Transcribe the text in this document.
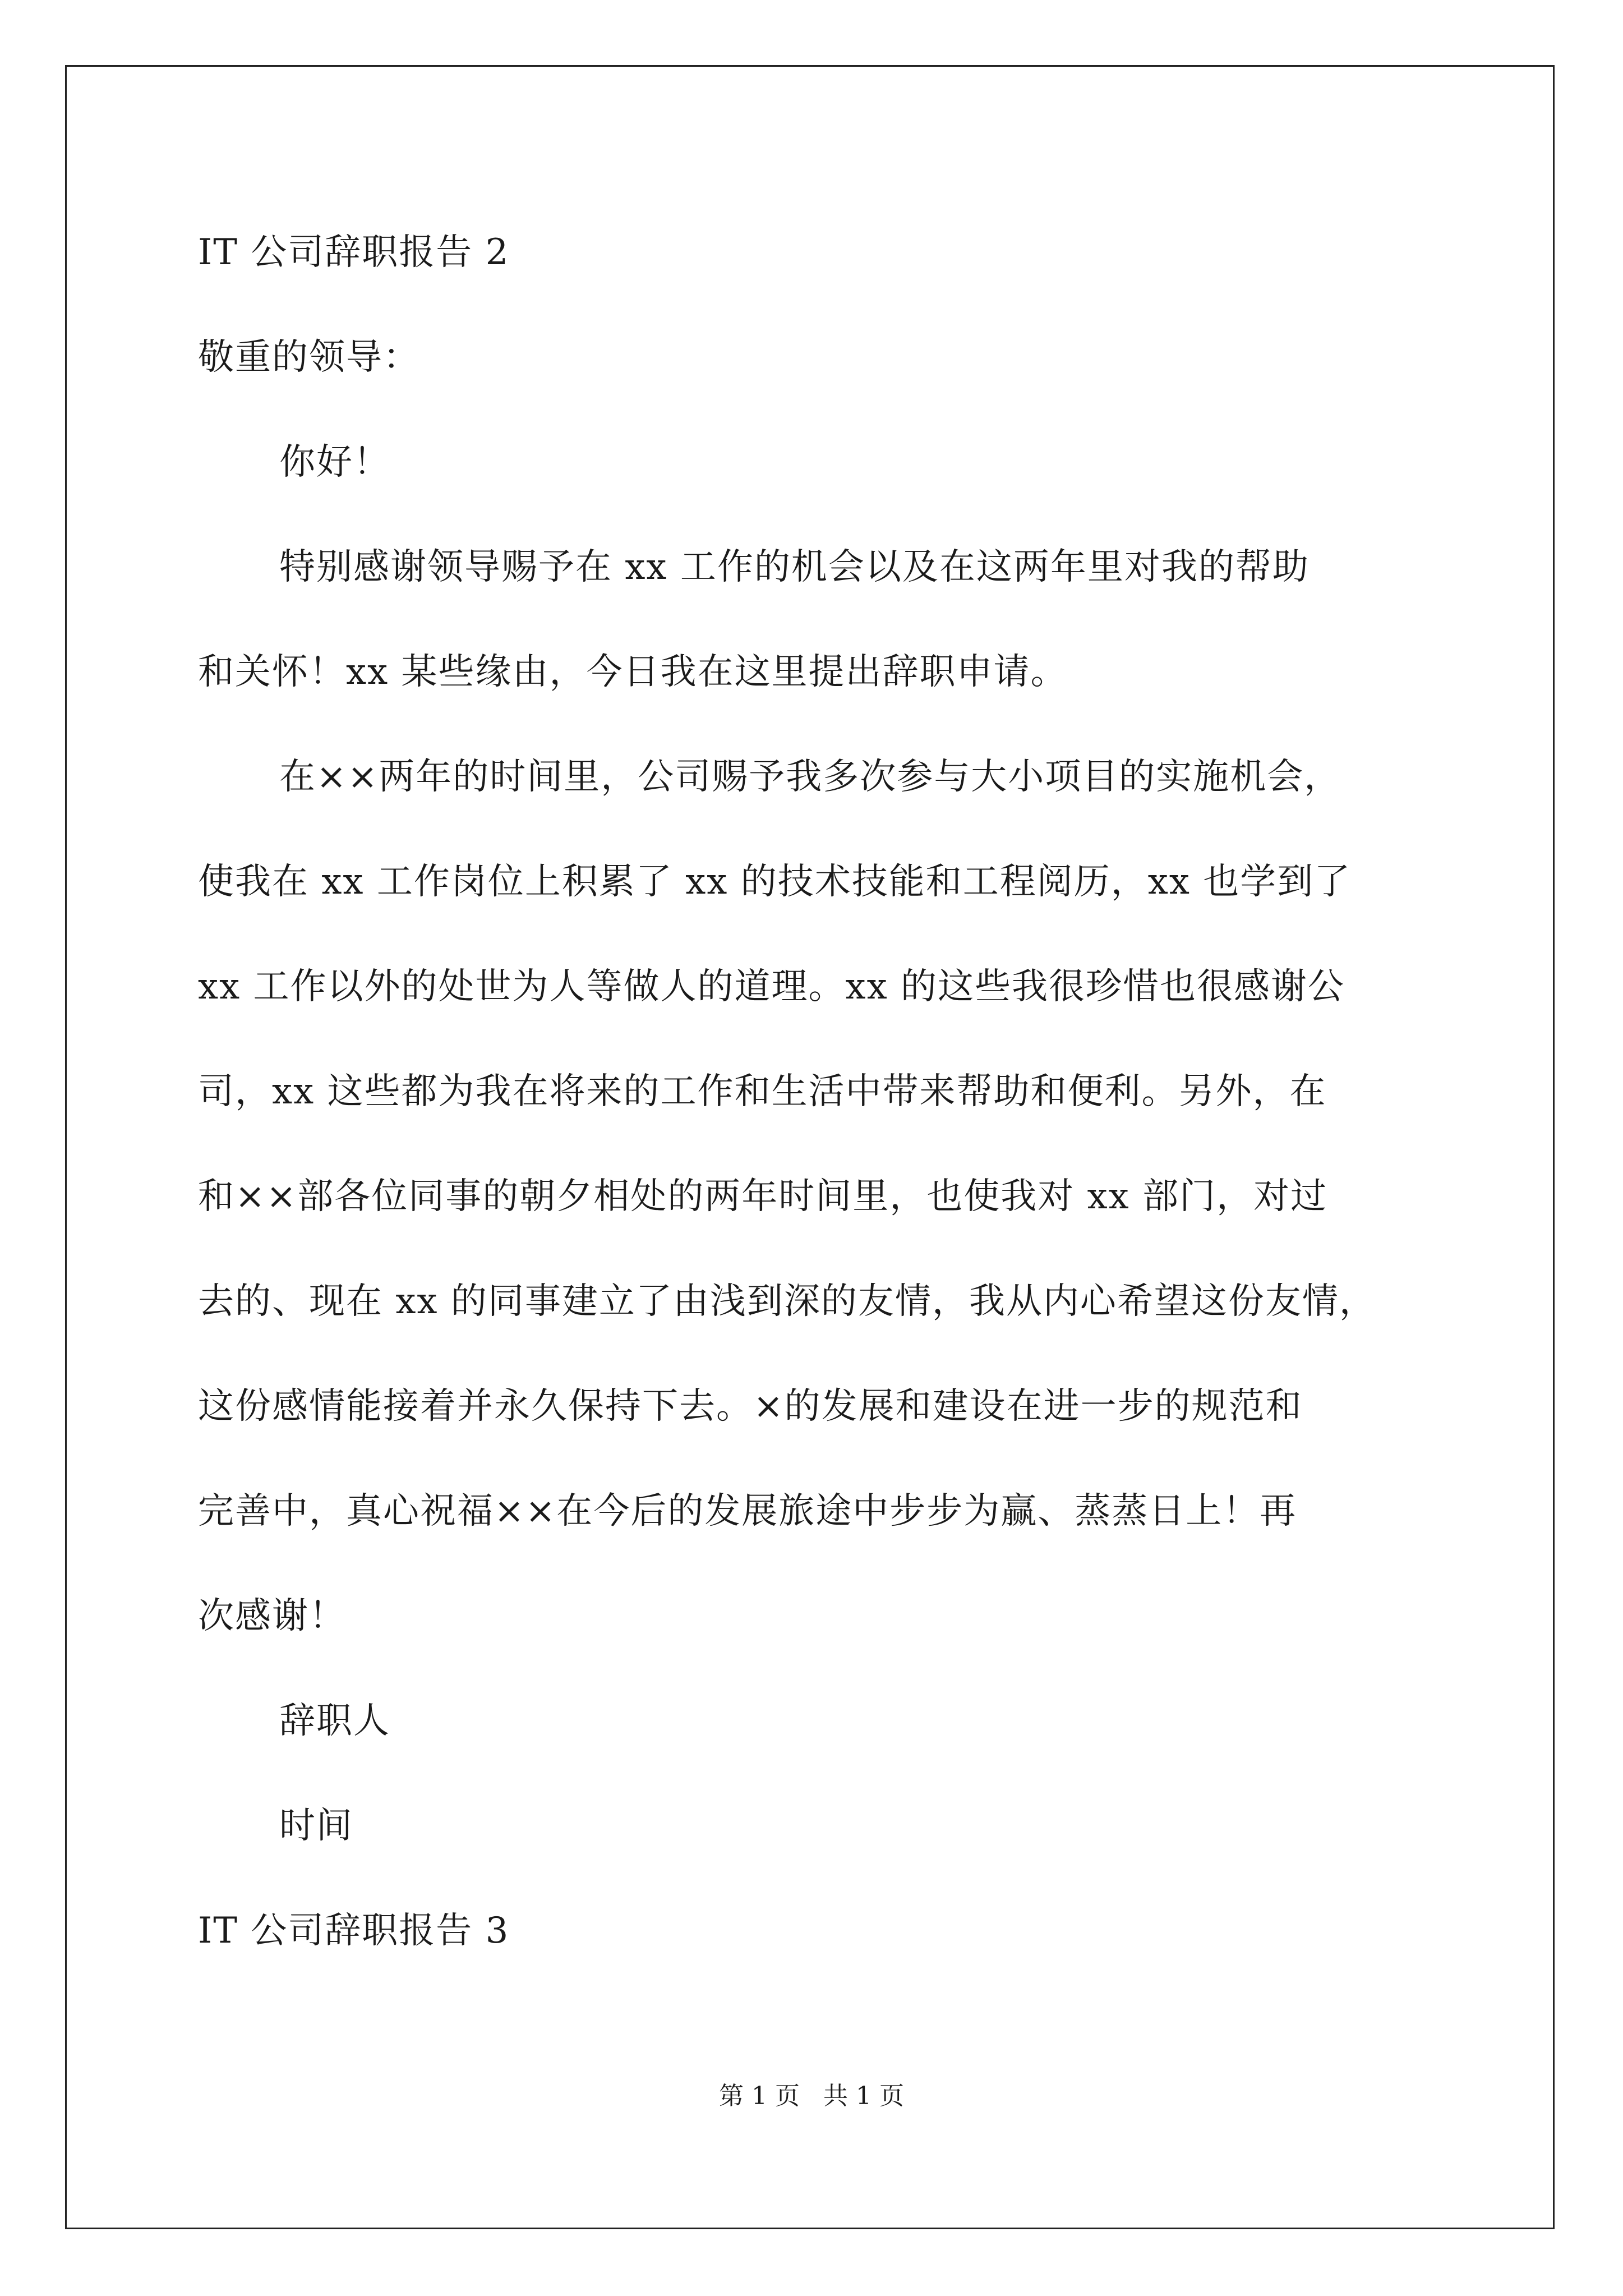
IT 公司辞职报告 2
敬重的领导：
你好！
特别感谢领导赐予在 xx 工作的机会以及在这两年里对我的帮助
和关怀！xx 某些缘由，今日我在这里提出辞职申请。
在××两年的时间里，公司赐予我多次参与大小项目的实施机会，
使我在 xx 工作岗位上积累了 xx 的技术技能和工程阅历，xx 也学到了
xx 工作以外的处世为人等做人的道理。xx 的这些我很珍惜也很感谢公
司，xx 这些都为我在将来的工作和生活中带来帮助和便利。另外，在
和××部各位同事的朝夕相处的两年时间里，也使我对 xx 部门，对过
去的、现在 xx 的同事建立了由浅到深的友情，我从内心希望这份友情，
这份感情能接着并永久保持下去。×的发展和建设在进一步的规范和
完善中，真心祝福××在今后的发展旅途中步步为赢、蒸蒸日上！再
次感谢！
辞职人
时间
IT 公司辞职报告 3
第 1 页 共 1 页
